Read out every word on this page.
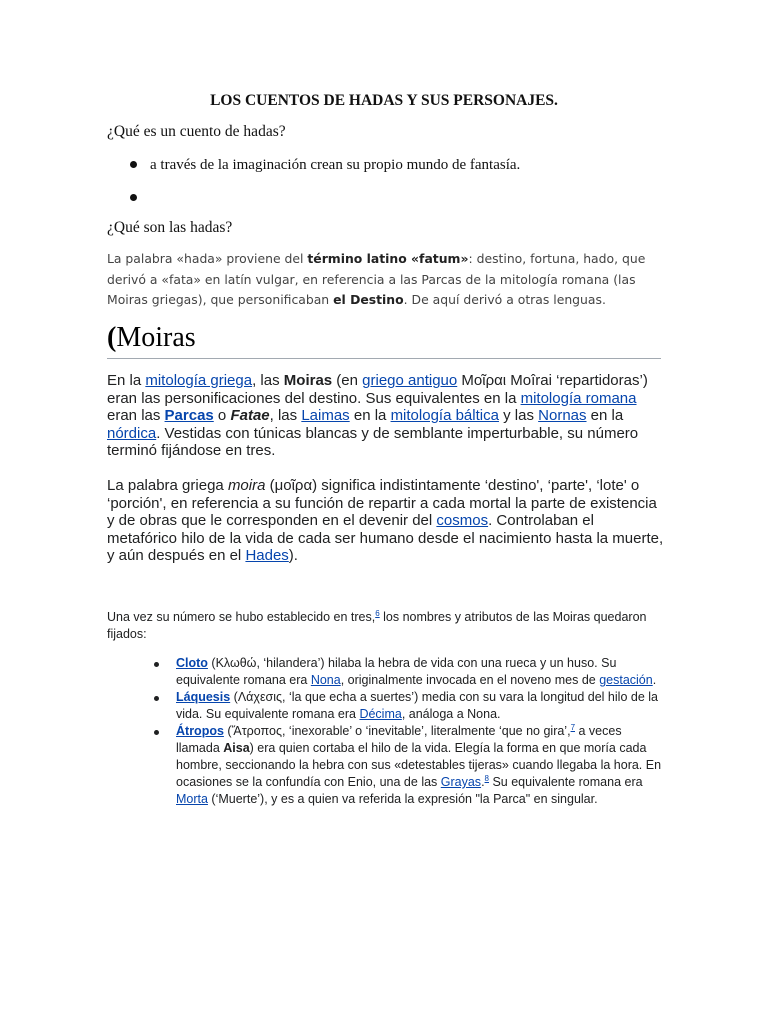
LOS CUENTOS DE HADAS Y SUS PERSONAJES.
¿Qué es un cuento de hadas?
a través de la imaginación crean su propio mundo de fantasía.
¿Qué son las hadas?
La palabra «hada» proviene del término latino «fatum»: destino, fortuna, hado, que derivó a «fata» en latín vulgar, en referencia a las Parcas de la mitología romana (las Moiras griegas), que personificaban el Destino. De aquí derivó a otras lenguas.
(Moiras
En la mitología griega, las Moiras (en griego antiguo Μοῖραι Moîrai ‘repartidoras’) eran las personificaciones del destino. Sus equivalentes en la mitología romana eran las Parcas o Fatae, las Laimas en la mitología báltica y las Nornas en la nórdica. Vestidas con túnicas blancas y de semblante imperturbable, su número terminó fijándose en tres.
La palabra griega moira (μοῖρα) significa indistintamente ‘destino', ‘parte', ‘lote' o ‘porción', en referencia a su función de repartir a cada mortal la parte de existencia y de obras que le corresponden en el devenir del cosmos. Controlaban el metafórico hilo de la vida de cada ser humano desde el nacimiento hasta la muerte, y aún después en el Hades).
Una vez su número se hubo establecido en tres,$^6$ los nombres y atributos de las Moiras quedaron fijados:
Cloto (Κλωθώ, ‘hilandera’) hilaba la hebra de vida con una rueca y un huso. Su equivalente romana era Nona, originalmente invocada en el noveno mes de gestación.
Láquesis (Λάχεσις, ‘la que echa a suertes’) media con su vara la longitud del hilo de la vida. Su equivalente romana era Décima, análoga a Nona.
Átropos (Ἄτροπος, ‘inexorable’ o ‘inevitable’, literalmente ‘que no gira’,$^7$ a veces llamada Aisa) era quien cortaba el hilo de la vida. Elegía la forma en que moría cada hombre, seccionando la hebra con sus «detestables tijeras» cuando llegaba la hora. En ocasiones se la confundía con Enio, una de las Grayas.$^8$ Su equivalente romana era Morta (‘Muerte’), y es a quien va referida la expresión "la Parca" en singular.
